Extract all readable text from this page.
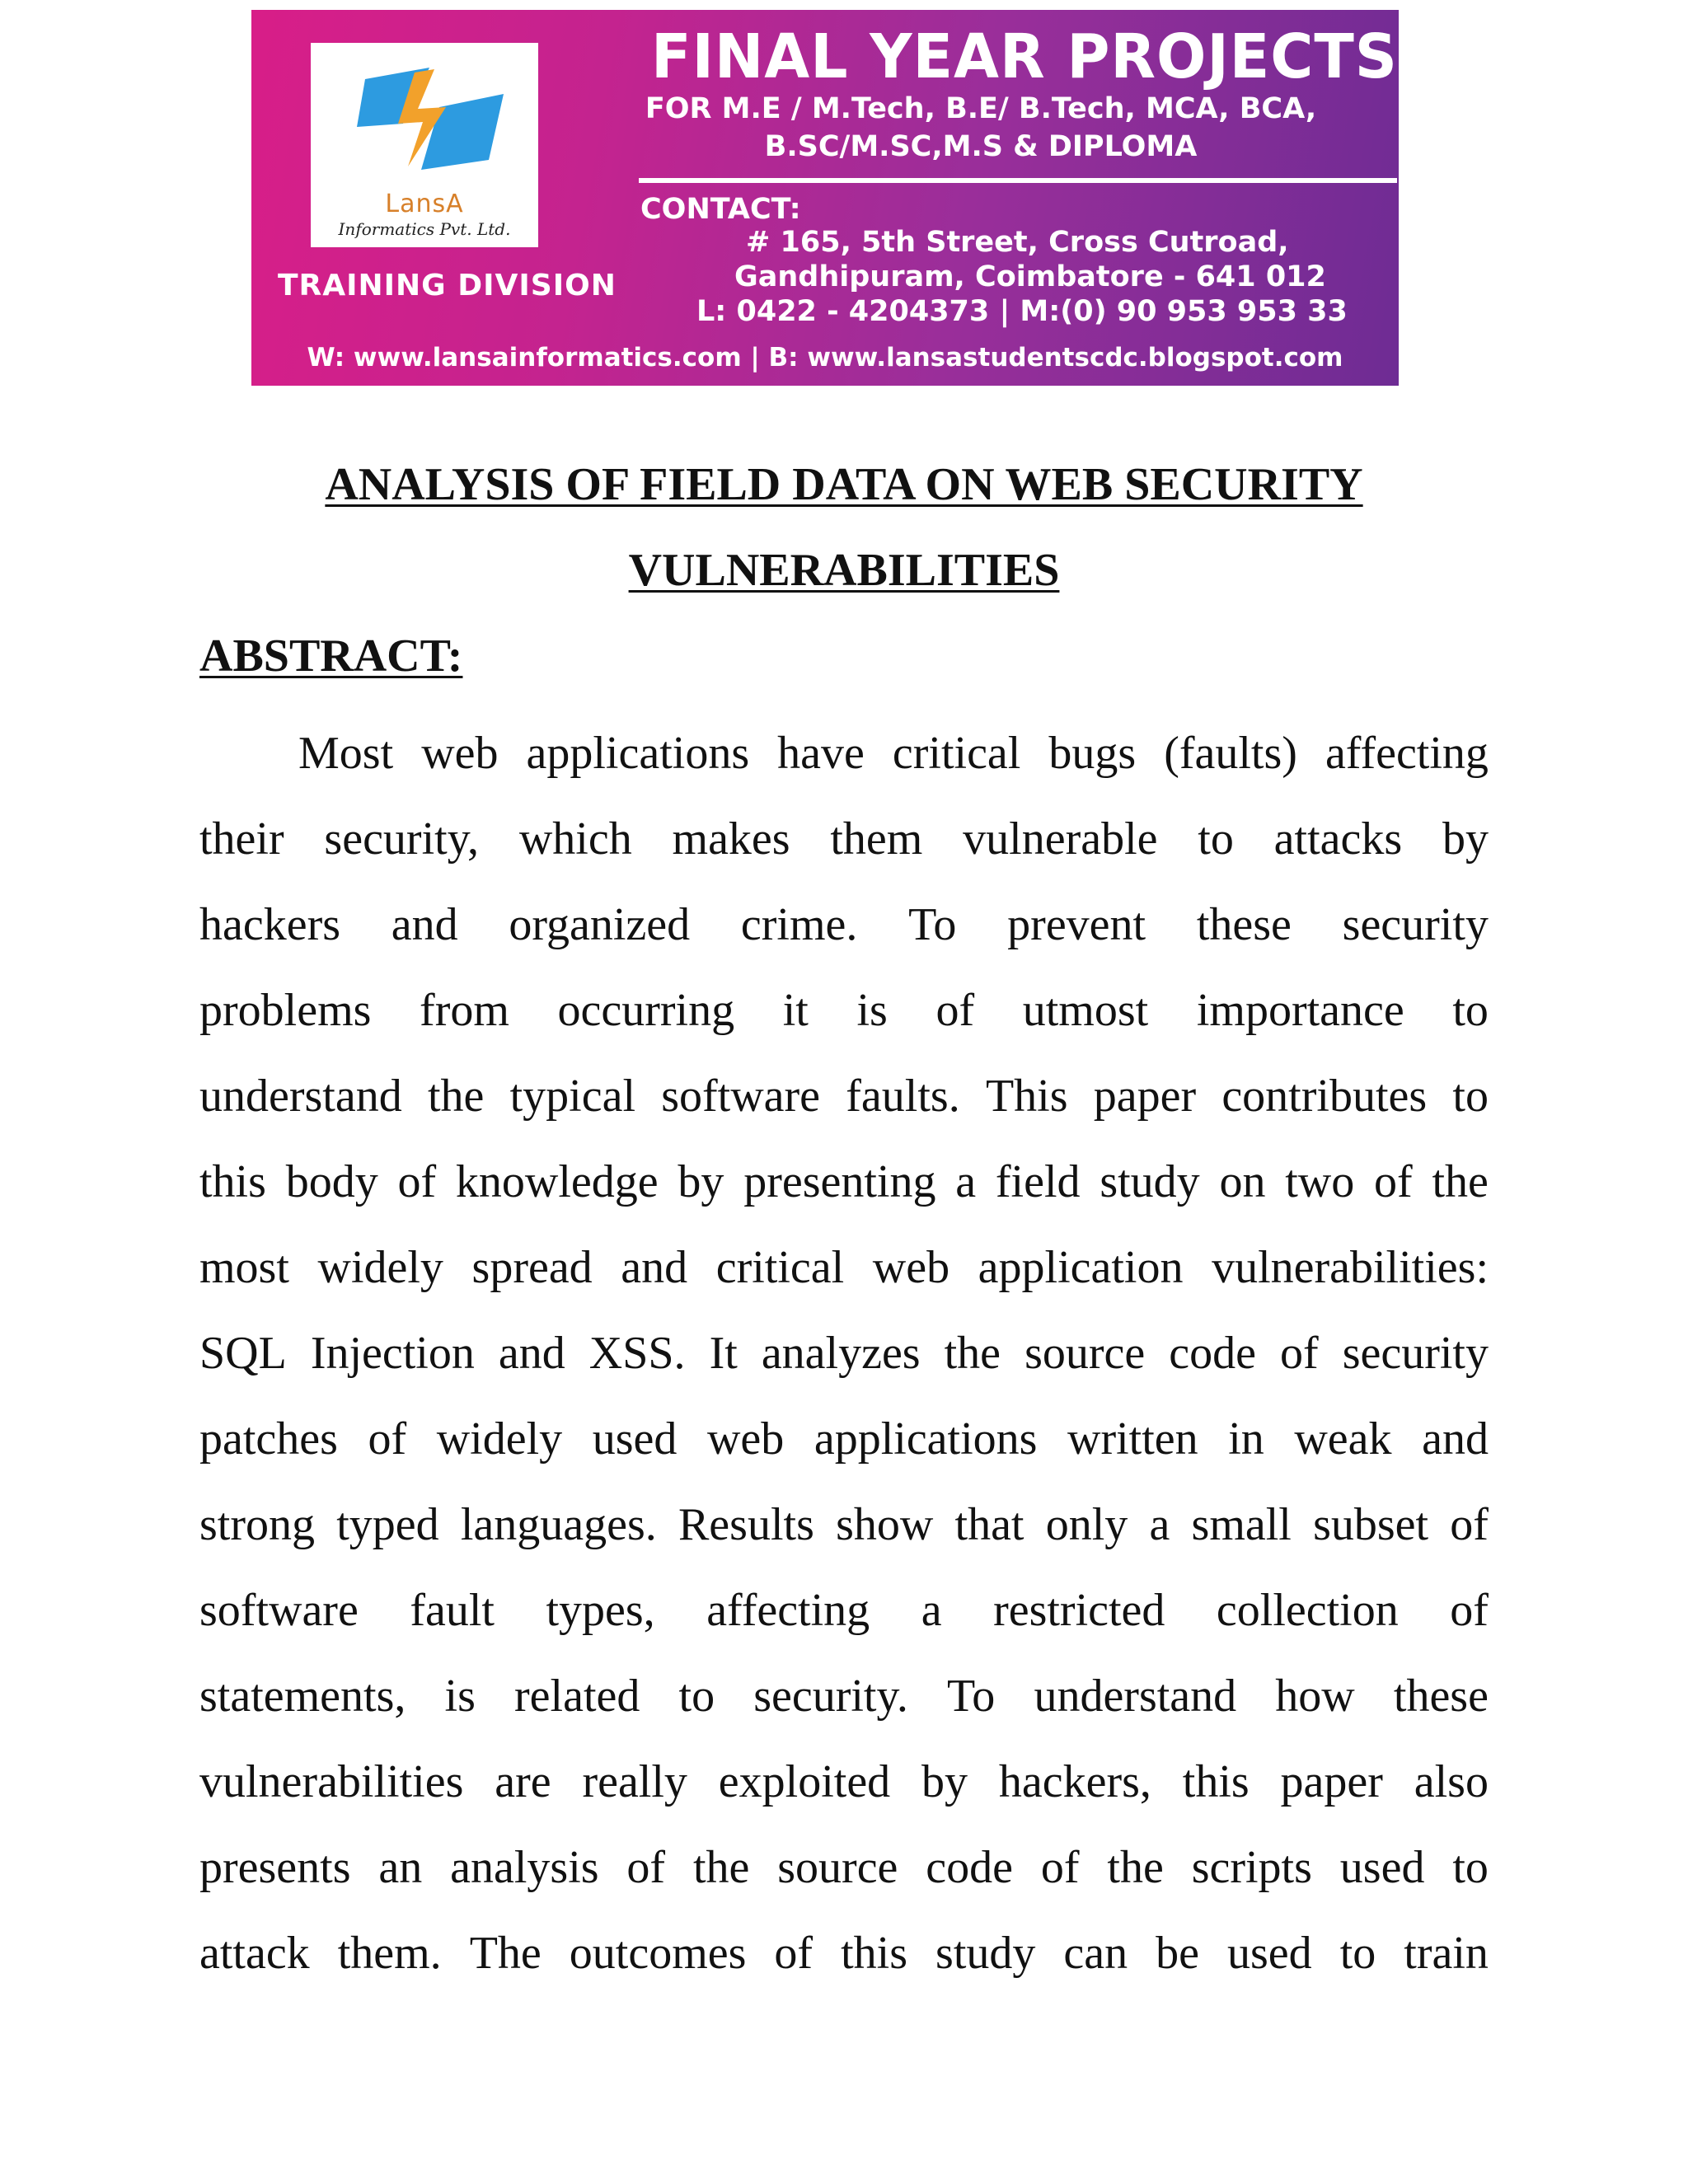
LansA
Informatics Pvt. Ltd.
TRAINING DIVISION
FINAL YEAR PROJECTS
FOR M.E / M.Tech, B.E/ B.Tech, MCA, BCA,
B.SC/M.SC,M.S & DIPLOMA
CONTACT:
# 165, 5th Street, Cross Cutroad,
Gandhipuram, Coimbatore - 641 012
L: 0422 - 4204373 | M:(0) 90 953 953 33
W: www.lansainformatics.com | B: www.lansastudentscdc.blogspot.com
ANALYSIS OF FIELD DATA ON WEB SECURITY
VULNERABILITIES
ABSTRACT:
Most web applications have critical bugs (faults) affecting
their security, which makes them vulnerable to attacks by
hackers and organized crime. To prevent these security
problems from occurring it is of utmost importance to
understand the typical software faults. This paper contributes to
this body of knowledge by presenting a field study on two of the
most widely spread and critical web application vulnerabilities:
SQL Injection and XSS. It analyzes the source code of security
patches of widely used web applications written in weak and
strong typed languages. Results show that only a small subset of
software fault types, affecting a restricted collection of
statements, is related to security. To understand how these
vulnerabilities are really exploited by hackers, this paper also
presents an analysis of the source code of the scripts used to
attack them. The outcomes of this study can be used to train
